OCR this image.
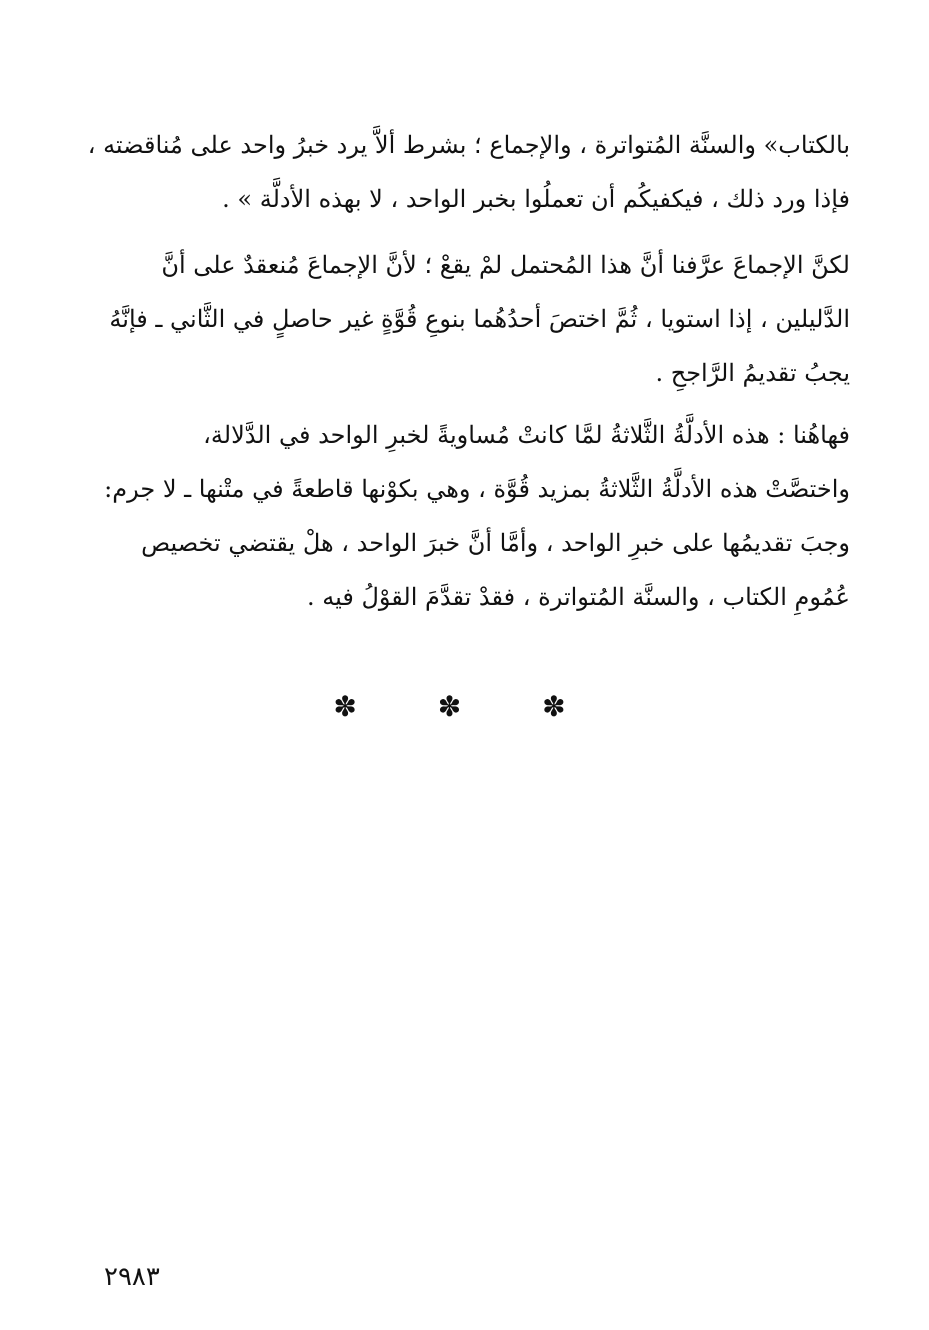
بالكتاب» والسنَّة المُتواترة ، والإجماع ؛ بشرط ألاَّ يرد خبرُ واحد على مُناقضته ،
فإذا ورد ذلك ، فيكفيكُم أن تعملُوا بخبر الواحد ، لا بهذه الأدلَّة » .
لكنَّ الإجماعَ عرَّفنا أنَّ هذا المُحتمل لمْ يقعْ ؛ لأنَّ الإجماعَ مُنعقدٌ على أنَّ
الدَّليلين ، إذا استويا ، ثُمَّ اختصَ أحدُهُما بنوعِ قُوَّةٍ غير حاصلٍ في الثَّاني ـ فإنَّهُ
يجبُ تقديمُ الرَّاجحِ .
فهاهُنا : هذه الأدلَّةُ الثَّلاثةُ لمَّا كانتْ مُساويةً لخبرِ الواحد في الدَّلالة،
واختصَّتْ هذه الأدلَّةُ الثَّلاثةُ بمزيد قُوَّة ، وهي بكوْنها قاطعةً في متْنها ـ لا جرم:
وجبَ تقديمُها على خبرِ الواحد ، وأمَّا أنَّ خبرَ الواحد ، هلْ يقتضي تخصيص
عُمُومِ الكتاب ، والسنَّة المُتواترة ، فقدْ تقدَّمَ القوْلُ فيه .
✽ ✽ ✽
٢٩٨٣
